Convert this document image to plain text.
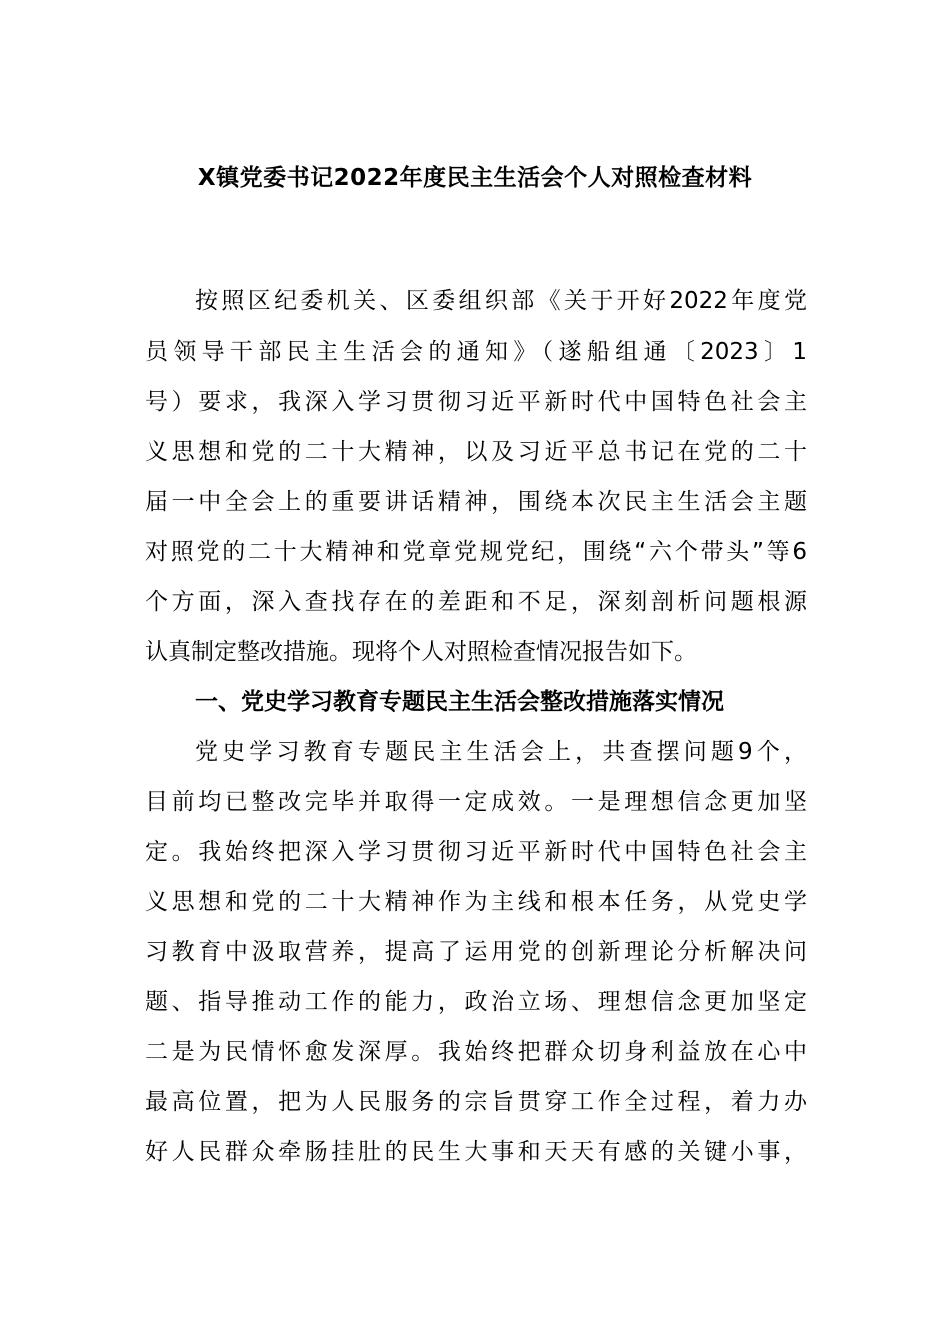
X镇党委书记2022年度民主生活会个人对照检查材料
按照区纪委机关、区委组织部《关于开好2022年度党
员领导干部民主生活会的通知》（遂船组通〔2023〕1
号）要求，我深入学习贯彻习近平新时代中国特色社会主
义思想和党的二十大精神，以及习近平总书记在党的二十
届一中全会上的重要讲话精神，围绕本次民主生活会主题
对照党的二十大精神和党章党规党纪，围绕“六个带头”等6
个方面，深入查找存在的差距和不足，深刻剖析问题根源
认真制定整改措施。现将个人对照检查情况报告如下。
一、党史学习教育专题民主生活会整改措施落实情况
党史学习教育专题民主生活会上，共查摆问题9个，
目前均已整改完毕并取得一定成效。一是理想信念更加坚
定。我始终把深入学习贯彻习近平新时代中国特色社会主
义思想和党的二十大精神作为主线和根本任务，从党史学
习教育中汲取营养，提高了运用党的创新理论分析解决问
题、指导推动工作的能力，政治立场、理想信念更加坚定
二是为民情怀愈发深厚。我始终把群众切身利益放在心中
最高位置，把为人民服务的宗旨贯穿工作全过程，着力办
好人民群众牵肠挂肚的民生大事和天天有感的关键小事，
